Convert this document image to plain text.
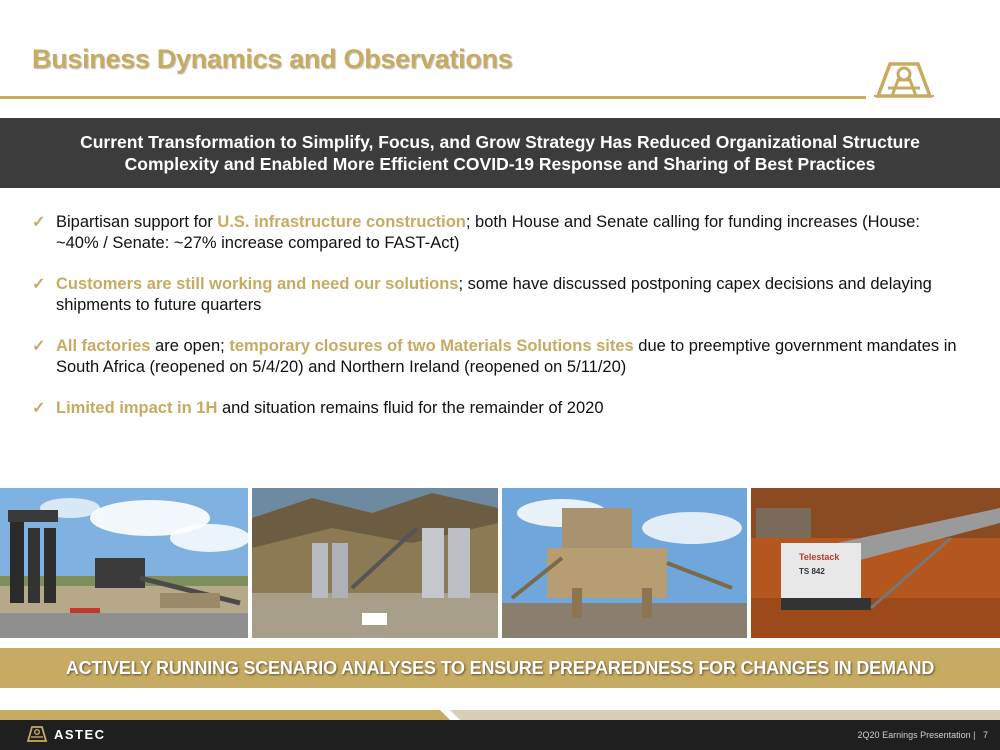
Business Dynamics and Observations
Current Transformation to Simplify, Focus, and Grow Strategy Has Reduced Organizational Structure
Complexity and Enabled More Efficient COVID-19 Response and Sharing of Best Practices
✓ Bipartisan support for U.S. infrastructure construction; both House and Senate calling for funding increases (House: ~40% / Senate: ~27% increase compared to FAST-Act)
✓ Customers are still working and need our solutions; some have discussed postponing capex decisions and delaying shipments to future quarters
✓ All factories are open; temporary closures of two Materials Solutions sites due to preemptive government mandates in South Africa (reopened on 5/4/20) and Northern Ireland (reopened on 5/11/20)
✓ Limited impact in 1H and situation remains fluid for the remainder of 2020
Telestack
TS 842
ACTIVELY RUNNING SCENARIO ANALYSES TO ENSURE PREPAREDNESS FOR CHANGES IN DEMAND
ASTEC	2Q20 Earnings Presentation | 7
